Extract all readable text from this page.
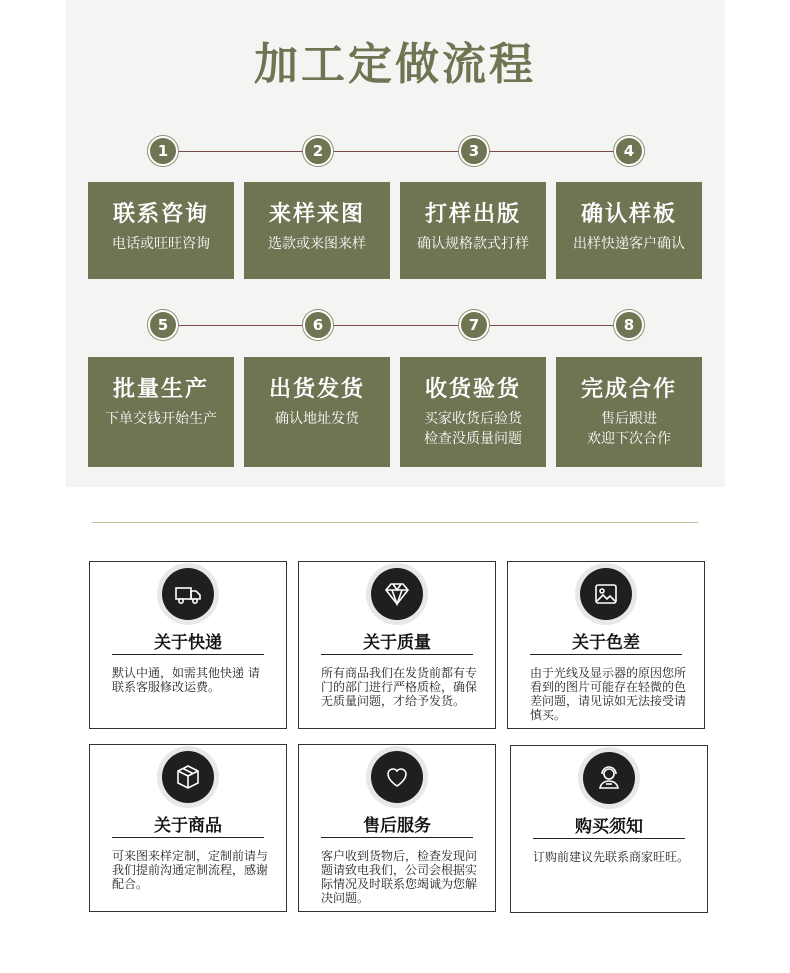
加工定做流程
1	2	3	4
联系咨询
电话或旺旺咨询
来样来图
选款或来图来样
打样出版
确认规格款式打样
确认样板
出样快递客户确认
5	6	7	8
批量生产
下单交钱开始生产
出货发货
确认地址发货
收货验货
买家收货后验货
检查没质量问题
完成合作
售后跟进
欢迎下次合作
关于快递
默认中通，如需其他快递 请联系客服修改运费。
关于质量
所有商品我们在发货前都有专门的部门进行严格质检，确保无质量问题，才给予发货。
关于色差
由于光线及显示器的原因您所看到的图片可能存在轻微的色差问题，请见谅如无法接受请慎买。
关于商品
可来图来样定制，定制前请与我们提前沟通定制流程，感谢配合。
售后服务
客户收到货物后，检查发现问题请致电我们，公司会根据实际情况及时联系您竭诚为您解决问题。
购买须知
订购前建议先联系商家旺旺。
